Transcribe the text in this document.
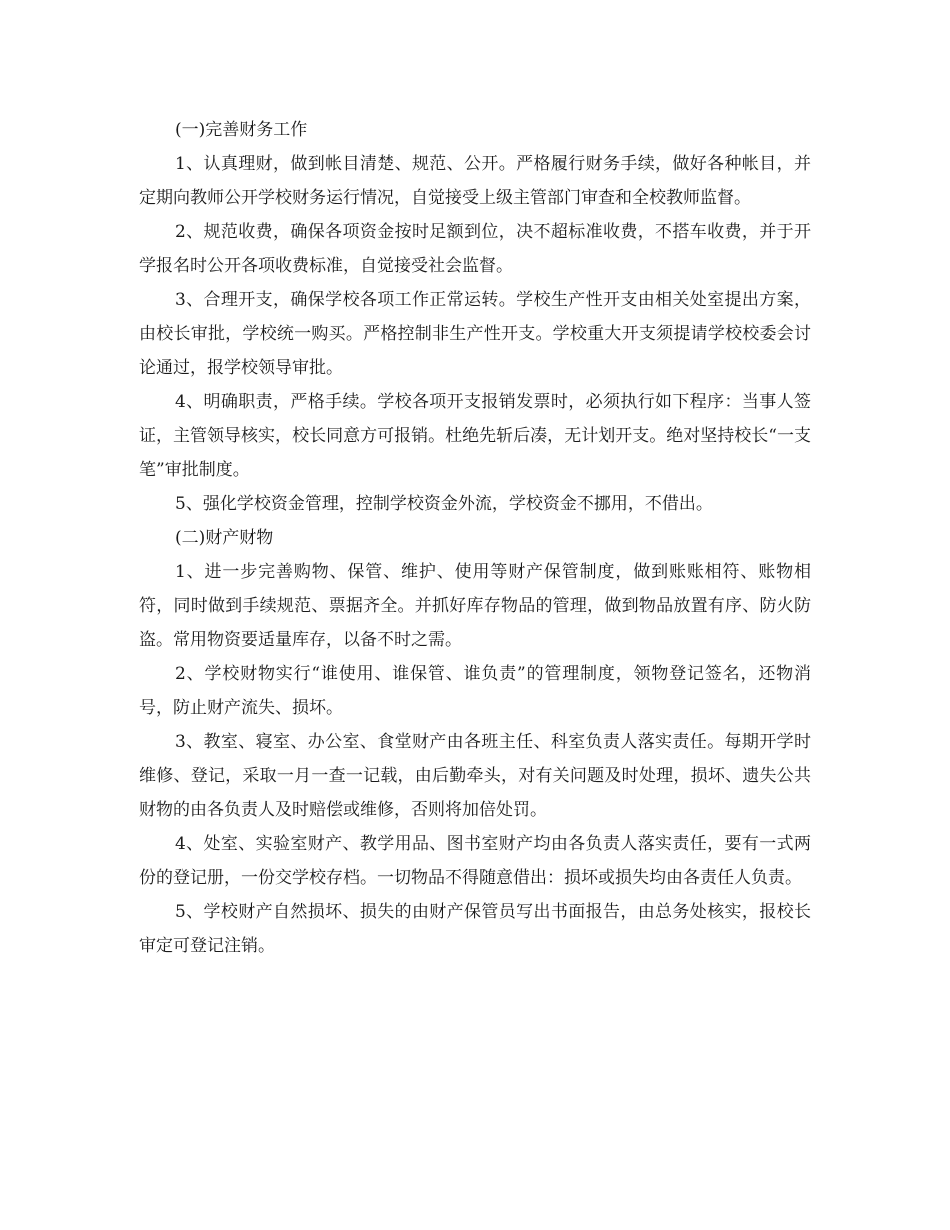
(一)完善财务工作

1、认真理财，做到帐目清楚、规范、公开。严格履行财务手续，做好各种帐目，并定期向教师公开学校财务运行情况，自觉接受上级主管部门审查和全校教师监督。

2、规范收费，确保各项资金按时足额到位，决不超标准收费，不搭车收费，并于开学报名时公开各项收费标准，自觉接受社会监督。

3、合理开支，确保学校各项工作正常运转。学校生产性开支由相关处室提出方案，由校长审批，学校统一购买。严格控制非生产性开支。学校重大开支须提请学校校委会讨论通过，报学校领导审批。

4、明确职责，严格手续。学校各项开支报销发票时，必须执行如下程序：当事人签证，主管领导核实，校长同意方可报销。杜绝先斩后凑，无计划开支。绝对坚持校长“一支笔”审批制度。

5、强化学校资金管理，控制学校资金外流，学校资金不挪用，不借出。

(二)财产财物

1、进一步完善购物、保管、维护、使用等财产保管制度，做到账账相符、账物相符，同时做到手续规范、票据齐全。并抓好库存物品的管理，做到物品放置有序、防火防盗。常用物资要适量库存，以备不时之需。

2、学校财物实行“谁使用、谁保管、谁负责”的管理制度，领物登记签名，还物消号，防止财产流失、损坏。

3、教室、寝室、办公室、食堂财产由各班主任、科室负责人落实责任。每期开学时维修、登记，采取一月一查一记载，由后勤牵头，对有关问题及时处理，损坏、遗失公共财物的由各负责人及时赔偿或维修，否则将加倍处罚。

4、处室、实验室财产、教学用品、图书室财产均由各负责人落实责任，要有一式两份的登记册，一份交学校存档。一切物品不得随意借出：损坏或损失均由各责任人负责。

5、学校财产自然损坏、损失的由财产保管员写出书面报告，由总务处核实，报校长审定可登记注销。
